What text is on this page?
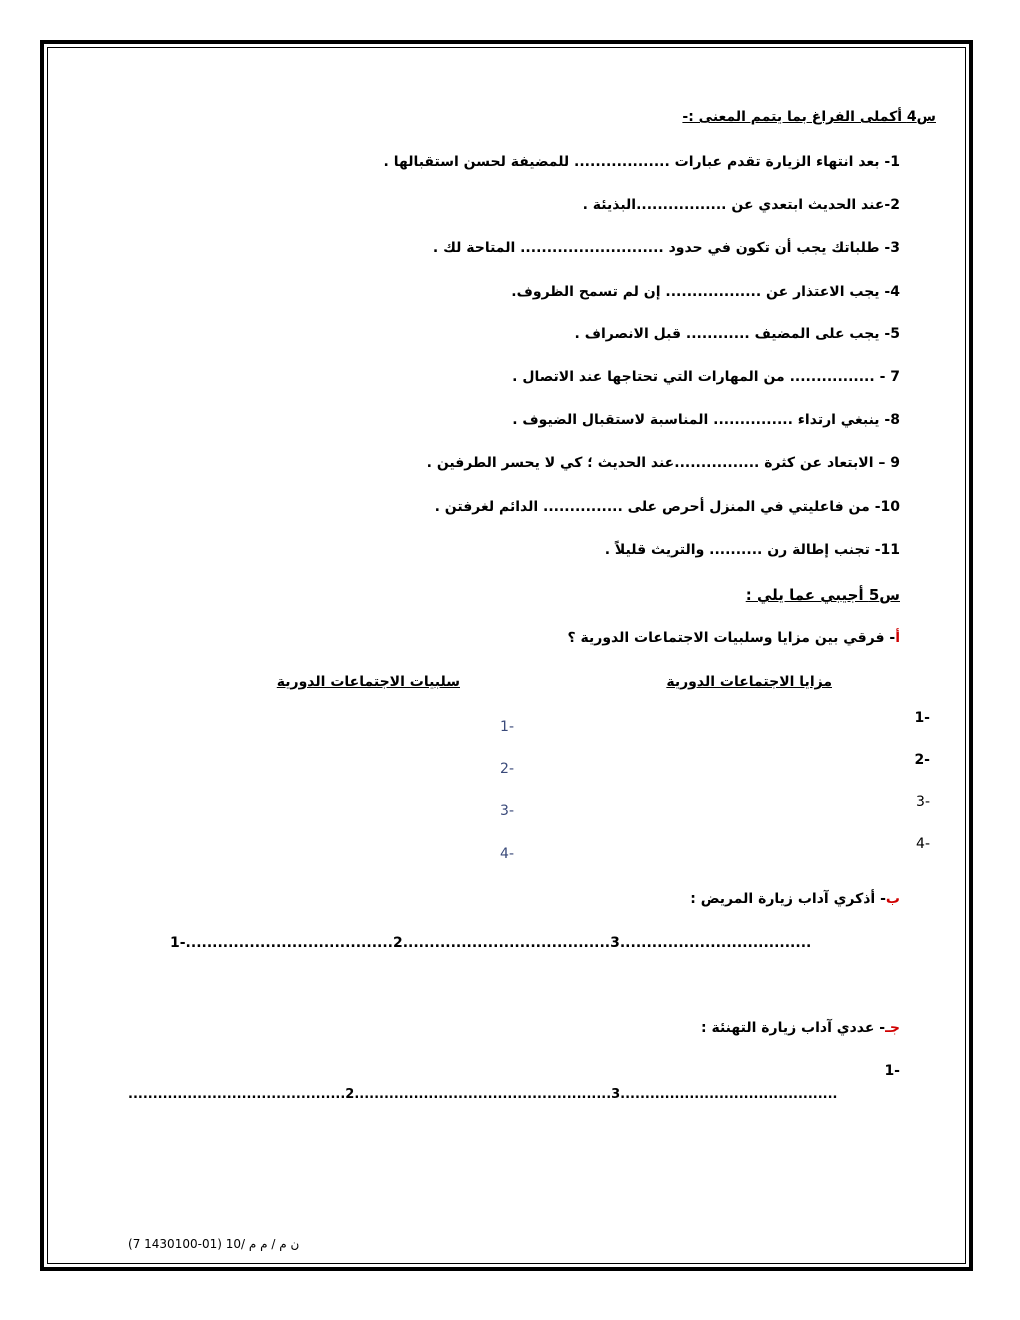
س4 أكملى الفراغ بما يتمم المعنى :-
1- بعد انتهاء الزيارة تقدم عبارات .................. للمضيفة لحسن استقبالها .
2-عند الحديث ابتعدي عن .................البذيئة .
3- طلباتك يجب أن تكون في حدود ........................... المتاحة لك .
4- يجب الاعتذار عن .................. إن لم تسمح الظروف.
5- يجب على المضيف ............ قبل الانصراف .
7 - ................ من المهارات التي تحتاجها عند الاتصال .
8- ينبغي ارتداء ............... المناسبة لاستقبال الضيوف .
9 – الابتعاد عن كثرة ................عند الحديث ؛ كي لا يحسر الطرفين .
10- من فاعليتي في المنزل أحرص على ............... الدائم لغرفتن .
11- تجنب إطالة رن .......... والتريث قليلاً .
س5 أجيبي عما يلي :
أ- فرقي بين مزايا وسلبيات الاجتماعات الدورية ؟
مزايا الاجتماعات الدورية
سلبيات الاجتماعات الدورية
1-
2-
3-
4-
1-
2-
3-
4-
ب- أذكري آداب زيارة المريض :
1-.......................................2.......................................3....................................
جـ- عددي آداب زيارة التهنئة :
1-
............................................2....................................................3............................................
ن م / م م /10 (01-1430100 7)
